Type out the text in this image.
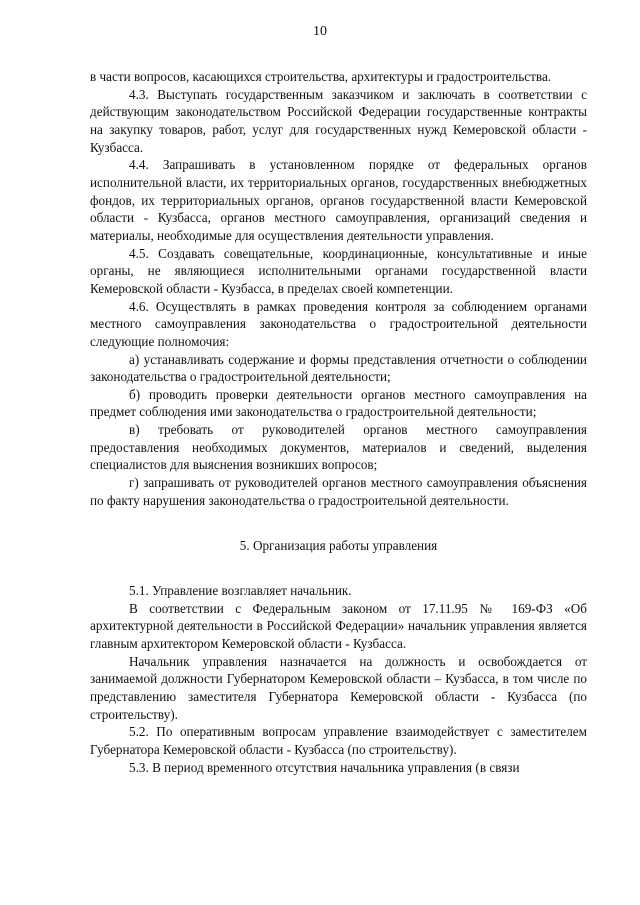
10

в части вопросов, касающихся строительства, архитектуры и градостроительства.

4.3. Выступать государственным заказчиком и заключать в соответствии с действующим законодательством Российской Федерации государственные контракты на закупку товаров, работ, услуг для государственных нужд Кемеровской области - Кузбасса.

4.4. Запрашивать в установленном порядке от федеральных органов исполнительной власти, их территориальных органов, государственных внебюджетных фондов, их территориальных органов, органов государственной власти Кемеровской области - Кузбасса, органов местного самоуправления, организаций сведения и материалы, необходимые для осуществления деятельности управления.

4.5. Создавать совещательные, координационные, консультативные и иные органы, не являющиеся исполнительными органами государственной власти Кемеровской области - Кузбасса, в пределах своей компетенции.

4.6. Осуществлять в рамках проведения контроля за соблюдением органами местного самоуправления законодательства о градостроительной деятельности следующие полномочия:

а) устанавливать содержание и формы представления отчетности о соблюдении законодательства о градостроительной деятельности;

б) проводить проверки деятельности органов местного самоуправления на предмет соблюдения ими законодательства о градостроительной деятельности;

в) требовать от руководителей органов местного самоуправления предоставления необходимых документов, материалов и сведений, выделения специалистов для выяснения возникших вопросов;

г) запрашивать от руководителей органов местного самоуправления объяснения по факту нарушения законодательства о градостроительной деятельности.

5. Организация работы управления

5.1. Управление возглавляет начальник.

В соответствии с Федеральным законом от 17.11.95 № 169-ФЗ «Об архитектурной деятельности в Российской Федерации» начальник управления является главным архитектором Кемеровской области - Кузбасса.

Начальник управления назначается на должность и освобождается от занимаемой должности Губернатором Кемеровской области – Кузбасса, в том числе по представлению заместителя Губернатора Кемеровской области - Кузбасса (по строительству).

5.2. По оперативным вопросам управление взаимодействует с заместителем Губернатора Кемеровской области - Кузбасса (по строительству).

5.3. В период временного отсутствия начальника управления (в связи
